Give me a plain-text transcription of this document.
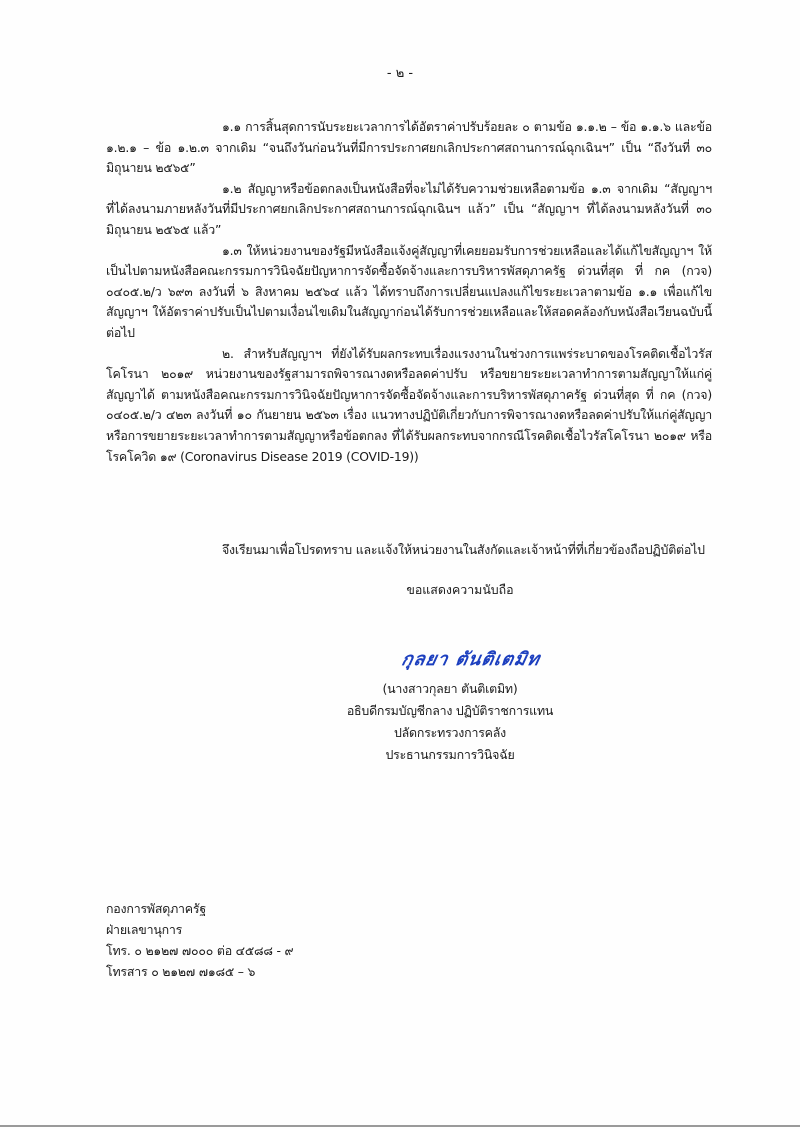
- ๒ -

๑.๑ การสิ้นสุดการนับระยะเวลาการได้อัตราค่าปรับร้อยละ ๐ ตามข้อ ๑.๑.๒ – ข้อ ๑.๑.๖ และข้อ ๑.๒.๑ – ข้อ ๑.๒.๓ จากเดิม “จนถึงวันก่อนวันที่มีการประกาศยกเลิกประกาศสถานการณ์ฉุกเฉินฯ” เป็น “ถึงวันที่ ๓๐ มิถุนายน ๒๕๖๕”

๑.๒ สัญญาหรือข้อตกลงเป็นหนังสือที่จะไม่ได้รับความช่วยเหลือตามข้อ ๑.๓ จากเดิม “สัญญาฯ ที่ได้ลงนามภายหลังวันที่มีประกาศยกเลิกประกาศสถานการณ์ฉุกเฉินฯ แล้ว” เป็น “สัญญาฯ ที่ได้ลงนามหลังวันที่ ๓๐ มิถุนายน ๒๕๖๕ แล้ว”

๑.๓ ให้หน่วยงานของรัฐมีหนังสือแจ้งคู่สัญญาที่เคยยอมรับการช่วยเหลือและได้แก้ไขสัญญาฯ ให้เป็นไปตามหนังสือคณะกรรมการวินิจฉัยปัญหาการจัดซื้อจัดจ้างและการบริหารพัสดุภาครัฐ ด่วนที่สุด ที่ กค (กวจ) ๐๔๐๕.๒/ว ๖๙๓ ลงวันที่ ๖ สิงหาคม ๒๕๖๔ แล้ว ได้ทราบถึงการเปลี่ยนแปลงแก้ไขระยะเวลาตามข้อ ๑.๑ เพื่อแก้ไขสัญญาฯ ให้อัตราค่าปรับเป็นไปตามเงื่อนไขเดิมในสัญญาก่อนได้รับการช่วยเหลือและให้สอดคล้องกับหนังสือเวียนฉบับนี้ต่อไป

๒. สำหรับสัญญาฯ ที่ยังได้รับผลกระทบเรื่องแรงงานในช่วงการแพร่ระบาดของโรคติดเชื้อไวรัสโคโรนา ๒๐๑๙ หน่วยงานของรัฐสามารถพิจารณางดหรือลดค่าปรับ หรือขยายระยะเวลาทำการตามสัญญาให้แก่คู่สัญญาได้ ตามหนังสือคณะกรรมการวินิจฉัยปัญหาการจัดซื้อจัดจ้างและการบริหารพัสดุภาครัฐ ด่วนที่สุด ที่ กค (กวจ) ๐๔๐๕.๒/ว ๔๒๓ ลงวันที่ ๑๐ กันยายน ๒๕๖๓ เรื่อง แนวทางปฏิบัติเกี่ยวกับการพิจารณางดหรือลดค่าปรับให้แก่คู่สัญญา หรือการขยายระยะเวลาทำการตามสัญญาหรือข้อตกลง ที่ได้รับผลกระทบจากกรณีโรคติดเชื้อไวรัสโคโรนา ๒๐๑๙ หรือโรคโควิด ๑๙ (Coronavirus Disease 2019 (COVID-19))

จึงเรียนมาเพื่อโปรดทราบ และแจ้งให้หน่วยงานในสังกัดและเจ้าหน้าที่ที่เกี่ยวข้องถือปฏิบัติต่อไป
ขอแสดงความนับถือ
กุลยา ตันติเตมิท
(นางสาวกุลยา ตันติเตมิท)
อธิบดีกรมบัญชีกลาง ปฏิบัติราชการแทน
ปลัดกระทรวงการคลัง
ประธานกรรมการวินิจฉัย
กองการพัสดุภาครัฐ
ฝ่ายเลขานุการ
โทร. ๐ ๒๑๒๗ ๗๐๐๐ ต่อ ๔๕๘๘ - ๙
โทรสาร ๐ ๒๑๒๗ ๗๑๘๕ – ๖
